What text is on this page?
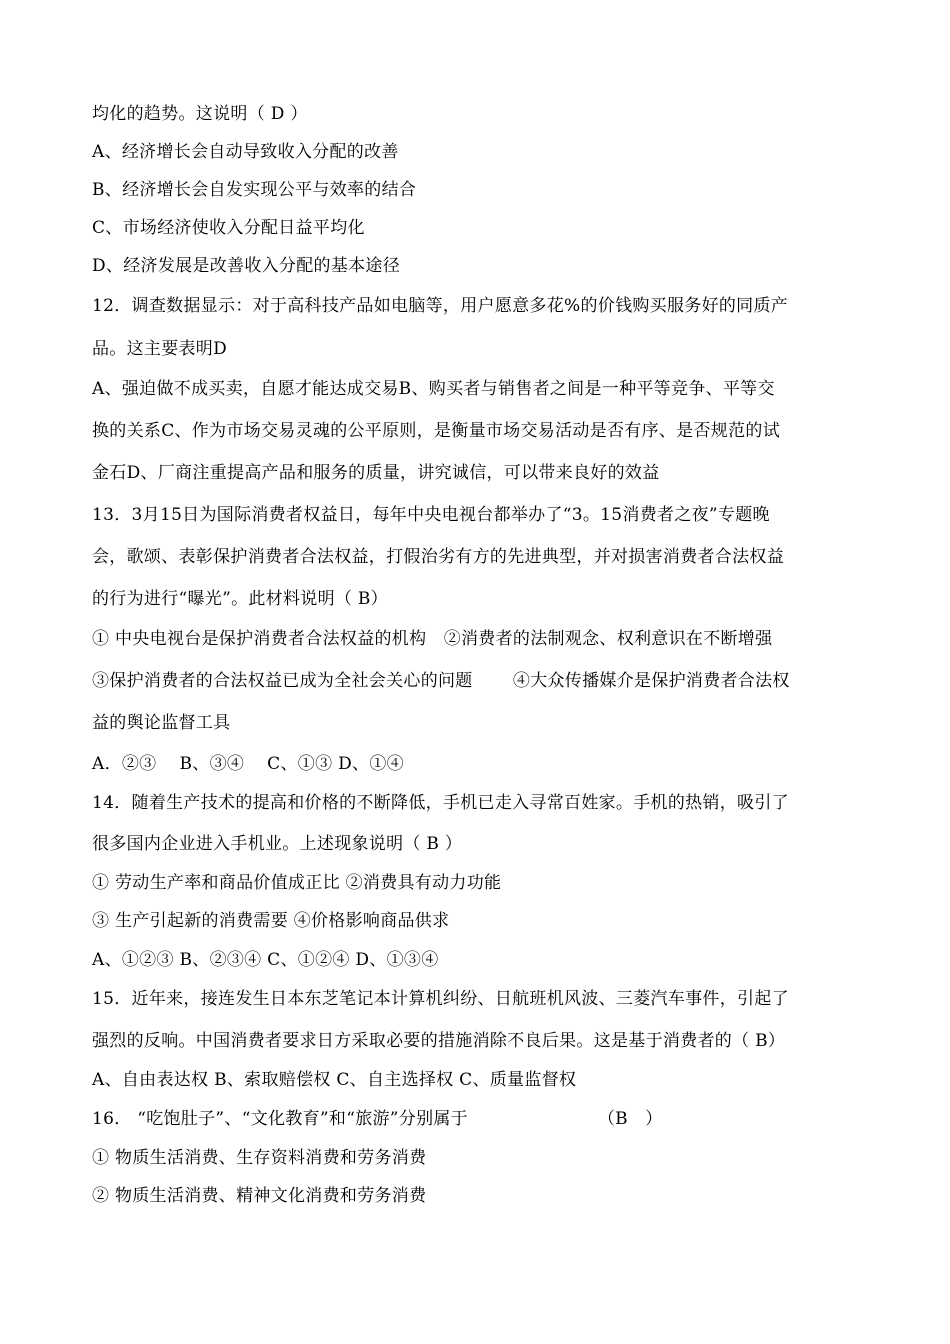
均化的趋势。这说明（ D ）
A、经济增长会自动导致收入分配的改善
B、经济增长会自发实现公平与效率的结合
C、市场经济使收入分配日益平均化
D、经济发展是改善收入分配的基本途径
12．调查数据显示：对于高科技产品如电脑等，用户愿意多花%的价钱购买服务好的同质产
品。这主要表明D
A、强迫做不成买卖，自愿才能达成交易B、购买者与销售者之间是一种平等竞争、平等交
换的关系C、作为市场交易灵魂的公平原则，是衡量市场交易活动是否有序、是否规范的试
金石D、厂商注重提高产品和服务的质量，讲究诚信，可以带来良好的效益
13．3月15日为国际消费者权益日，每年中央电视台都举办了“3。15消费者之夜”专题晚
会，歌颂、表彰保护消费者合法权益，打假治劣有方的先进典型，并对损害消费者合法权益
的行为进行“曝光”。此材料说明（ B）
① 中央电视台是保护消费者合法权益的机构　②消费者的法制观念、权利意识在不断增强
③保护消费者的合法权益已成为全社会关心的问题　　 ④大众传播媒介是保护消费者合法权
益的舆论监督工具
A．②③　 B、③④　 C、①③ D、①④
14．随着生产技术的提高和价格的不断降低，手机已走入寻常百姓家。手机的热销，吸引了
很多国内企业进入手机业。上述现象说明（ B ）
① 劳动生产率和商品价值成正比 ②消费具有动力功能
③ 生产引起新的消费需要 ④价格影响商品供求
A、①②③ B、②③④ C、①②④ D、①③④
15．近年来，接连发生日本东芝笔记本计算机纠纷、日航班机风波、三菱汽车事件，引起了
强烈的反响。中国消费者要求日方采取必要的措施消除不良后果。这是基于消费者的（ B）
A、自由表达权 B、索取赔偿权 C、自主选择权 C、质量监督权
16． “吃饱肚子”、“文化教育”和“旅游”分别属于　　　　　　　　（B　）
① 物质生活消费、生存资料消费和劳务消费
② 物质生活消费、精神文化消费和劳务消费
